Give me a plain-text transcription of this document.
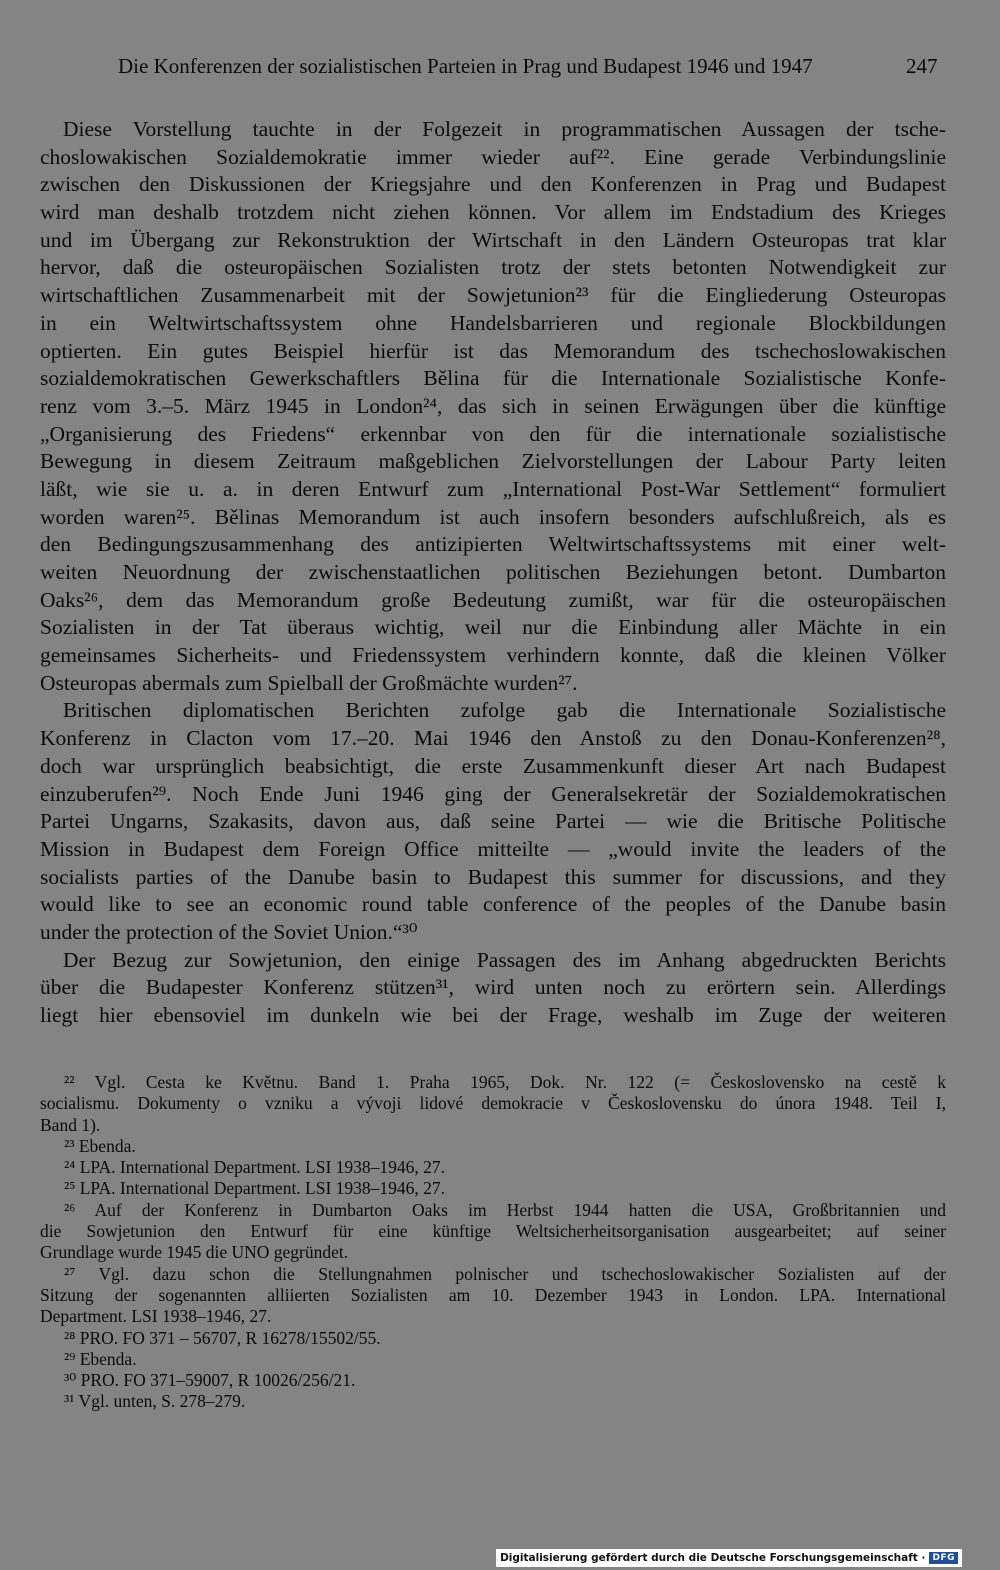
Die Konferenzen der sozialistischen Parteien in Prag und Budapest 1946 und 1947	247
Diese Vorstellung tauchte in der Folgezeit in programmatischen Aussagen der tsche-
choslowakischen Sozialdemokratie immer wieder auf²². Eine gerade Verbindungslinie
zwischen den Diskussionen der Kriegsjahre und den Konferenzen in Prag und Budapest
wird man deshalb trotzdem nicht ziehen können. Vor allem im Endstadium des Krieges
und im Übergang zur Rekonstruktion der Wirtschaft in den Ländern Osteuropas trat klar
hervor, daß die osteuropäischen Sozialisten trotz der stets betonten Notwendigkeit zur
wirtschaftlichen Zusammenarbeit mit der Sowjetunion²³ für die Eingliederung Osteuropas
in ein Weltwirtschaftssystem ohne Handelsbarrieren und regionale Blockbildungen
optierten. Ein gutes Beispiel hierfür ist das Memorandum des tschechoslowakischen
sozialdemokratischen Gewerkschaftlers Bělina für die Internationale Sozialistische Konfe-
renz vom 3.–5. März 1945 in London²⁴, das sich in seinen Erwägungen über die künftige
„Organisierung des Friedens“ erkennbar von den für die internationale sozialistische
Bewegung in diesem Zeitraum maßgeblichen Zielvorstellungen der Labour Party leiten
läßt, wie sie u. a. in deren Entwurf zum „International Post-War Settlement“ formuliert
worden waren²⁵. Bělinas Memorandum ist auch insofern besonders aufschlußreich, als es
den Bedingungszusammenhang des antizipierten Weltwirtschaftssystems mit einer welt-
weiten Neuordnung der zwischenstaatlichen politischen Beziehungen betont. Dumbarton
Oaks²⁶, dem das Memorandum große Bedeutung zumißt, war für die osteuropäischen
Sozialisten in der Tat überaus wichtig, weil nur die Einbindung aller Mächte in ein
gemeinsames Sicherheits- und Friedenssystem verhindern konnte, daß die kleinen Völker
Osteuropas abermals zum Spielball der Großmächte wurden²⁷.
Britischen diplomatischen Berichten zufolge gab die Internationale Sozialistische
Konferenz in Clacton vom 17.–20. Mai 1946 den Anstoß zu den Donau-Konferenzen²⁸,
doch war ursprünglich beabsichtigt, die erste Zusammenkunft dieser Art nach Budapest
einzuberufen²⁹. Noch Ende Juni 1946 ging der Generalsekretär der Sozialdemokratischen
Partei Ungarns, Szakasits, davon aus, daß seine Partei — wie die Britische Politische
Mission in Budapest dem Foreign Office mitteilte — „would invite the leaders of the
socialists parties of the Danube basin to Budapest this summer for discussions, and they
would like to see an economic round table conference of the peoples of the Danube basin
under the protection of the Soviet Union.“³⁰
Der Bezug zur Sowjetunion, den einige Passagen des im Anhang abgedruckten Berichts
über die Budapester Konferenz stützen³¹, wird unten noch zu erörtern sein. Allerdings
liegt hier ebensoviel im dunkeln wie bei der Frage, weshalb im Zuge der weiteren
²² Vgl. Cesta ke Květnu. Band 1. Praha 1965, Dok. Nr. 122 (= Československo na cestě k
socialismu. Dokumenty o vzniku a vývoji lidové demokracie v Československu do února 1948. Teil I,
Band 1).
²³ Ebenda.
²⁴ LPA. International Department. LSI 1938–1946, 27.
²⁵ LPA. International Department. LSI 1938–1946, 27.
²⁶ Auf der Konferenz in Dumbarton Oaks im Herbst 1944 hatten die USA, Großbritannien und
die Sowjetunion den Entwurf für eine künftige Weltsicherheitsorganisation ausgearbeitet; auf seiner
Grundlage wurde 1945 die UNO gegründet.
²⁷ Vgl. dazu schon die Stellungnahmen polnischer und tschechoslowakischer Sozialisten auf der
Sitzung der sogenannten alliierten Sozialisten am 10. Dezember 1943 in London. LPA. International
Department. LSI 1938–1946, 27.
²⁸ PRO. FO 371 – 56707, R 16278/15502/55.
²⁹ Ebenda.
³⁰ PRO. FO 371–59007, R 10026/256/21.
³¹ Vgl. unten, S. 278–279.
Digitalisierung gefördert durch die Deutsche Forschungsgemeinschaft · DFG
